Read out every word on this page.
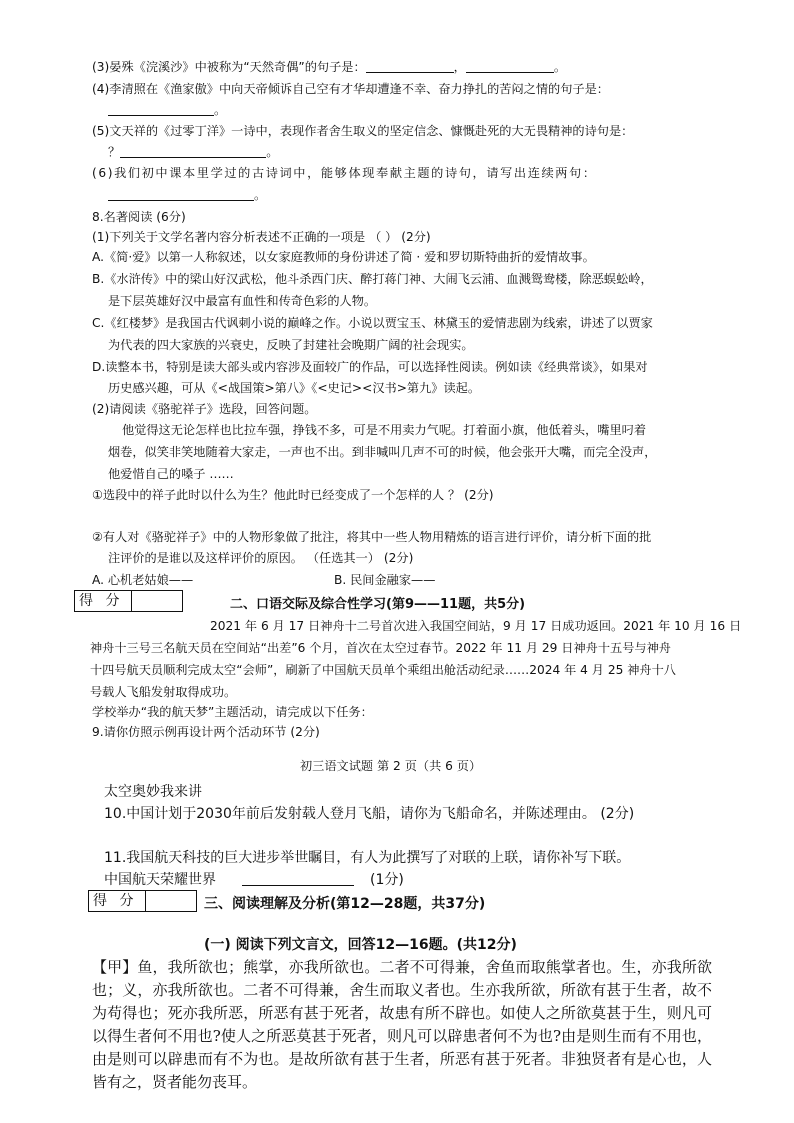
(3)晏殊《浣溪沙》中被称为“天然奇偶”的句子是：	，	。
(4)李清照在《渔家傲》中向天帝倾诉自己空有才华却遭逢不幸、奋力挣扎的苦闷之情的句子是：
。
(5)文天祥的《过零丁洋》一诗中，表现作者舍生取义的坚定信念、慷慨赴死的大无畏精神的诗句是：
？	。
(6)我们初中课本里学过的古诗词中，能够体现奉献主题的诗句，请写出连续两句：
。
8.名著阅读 (6分)
(1)下列关于文学名著内容分析表述不正确的一项是 （ ） (2分)
A.《简·爱》以第一人称叙述，以女家庭教师的身份讲述了简 · 爱和罗切斯特曲折的爱情故事。
B.《水浒传》中的梁山好汉武松，他斗杀西门庆、醉打蒋门神、大闹飞云浦、血溅鸳鸯楼，除恶蜈蚣岭，
是下层英雄好汉中最富有血性和传奇色彩的人物。
C.《红楼梦》是我国古代讽刺小说的巅峰之作。小说以贾宝玉、林黛玉的爱情悲剧为线索，讲述了以贾家
为代表的四大家族的兴衰史，反映了封建社会晚期广阔的社会现实。
D.读整本书，特别是读大部头或内容涉及面较广的作品，可以选择性阅读。例如读《经典常谈》，如果对
历史感兴趣，可从《<战国策>第八》《<史记><汉书>第九》读起。
(2)请阅读《骆驼祥子》选段，回答问题。
他觉得这无论怎样也比拉车强，挣钱不多，可是不用卖力气呢。打着面小旗，他低着头，嘴里叼着
烟卷，似笑非笑地随着大家走，一声也不出。到非喊叫几声不可的时候，他会张开大嘴，而完全没声，
他爱惜自己的嗓子 ……
①选段中的祥子此时以什么为生？他此时已经变成了一个怎样的人 ？ (2分)
②有人对《骆驼祥子》中的人物形象做了批注，将其中一些人物用精炼的语言进行评价，请分析下面的批
注评价的是谁以及这样评价的原因。 （任选其一） (2分)
A. 心机老姑娘——	B. 民间金融家——
得 分	二、口语交际及综合性学习(第9——11题，共5分)
2021 年 6 月 17 日神舟十二号首次进入我国空间站，9 月 17 日成功返回。2021 年 10 月 16 日
神舟十三号三名航天员在空间站“出差”6 个月，首次在太空过春节。2022 年 11 月 29 日神舟十五号与神舟
十四号航天员顺利完成太空“会师”，刷新了中国航天员单个乘组出舱活动纪录……2024 年 4 月 25 神舟十八
号载人飞船发射取得成功。
学校举办“我的航天梦”主题活动，请完成以下任务：
9.请你仿照示例再设计两个活动环节 (2分)
初三语文试题 第 2 页（共 6 页）
太空奥妙我来讲
10.中国计划于2030年前后发射载人登月飞船，请你为飞船命名，并陈述理由。 (2分)
11.我国航天科技的巨大进步举世瞩目，有人为此撰写了对联的上联，请你补写下联。
中国航天荣耀世界	(1分)
得 分	三、阅读理解及分析(第12—28题，共37分)
(一) 阅读下列文言文，回答12—16题。(共12分)
【甲】鱼，我所欲也；熊掌，亦我所欲也。二者不可得兼，舍鱼而取熊掌者也。生，亦我所欲也；义，亦我所欲也。二者不可得兼，舍生而取义者也。生亦我所欲，所欲有甚于生者，故不为苟得也；死亦我所恶，所恶有甚于死者，故患有所不辟也。如使人之所欲莫甚于生，则凡可以得生者何不用也?使人之所恶莫甚于死者，则凡可以辟患者何不为也?由是则生而有不用也，由是则可以辟患而有不为也。是故所欲有甚于生者，所恶有甚于死者。非独贤者有是心也，人皆有之，贤者能勿丧耳。
